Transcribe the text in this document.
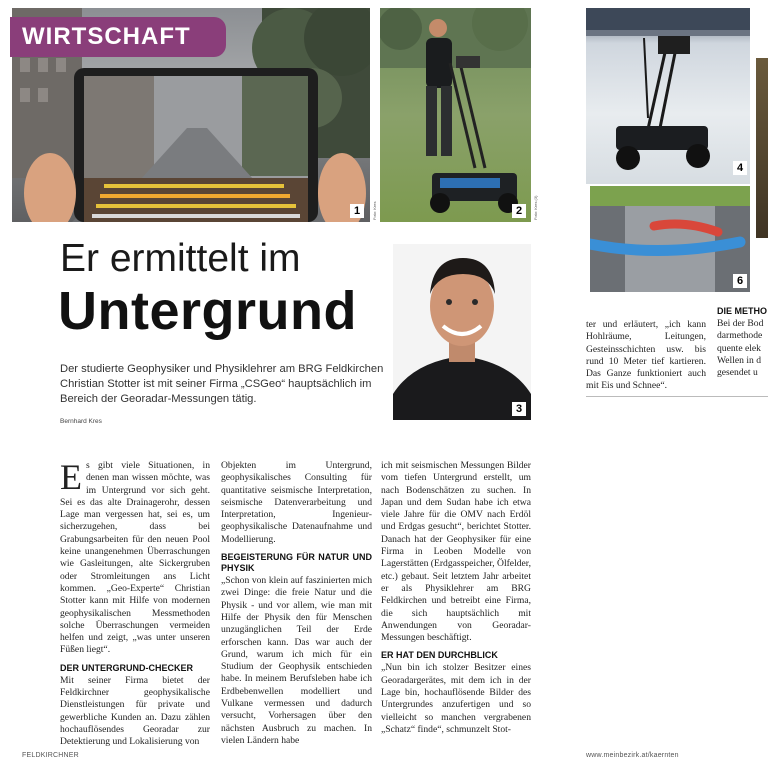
WIRTSCHAFT
1	Foto: Kres	2	Foto: Kres (3)
4
6
3
Er ermittelt im
Untergrund
Der studierte Geophysiker und Physiklehrer am BRG Feldkirchen Christian Stotter ist mit seiner Firma „CSGeo“ hauptsächlich im Bereich der Georadar-Messungen tätig.
Bernhard Kres
E s gibt viele Situationen, in denen man wissen möchte, was im Untergrund vor sich geht. Sei es das alte Drainagerohr, dessen Lage man vergessen hat, sei es, um sicherzugehen, dass bei Grabungsarbeiten für den neuen Pool keine unangenehmen Überraschungen wie Gasleitungen, alte Sickergruben oder Stromleitungen ans Licht kommen. „Geo-Experte“ Christian Stotter kann mit Hilfe von modernen geophysikalischen Messmethoden solche Überraschungen vermeiden helfen und zeigt, „was unter unseren Füßen liegt“.

DER UNTERGRUND-CHECKER

Mit seiner Firma bietet der Feldkirchner geophysikalische Dienstleistungen für private und gewerbliche Kunden an. Dazu zählen hochauflösendes Georadar zur Detektierung und Lokalisierung von

Objekten im Untergrund, geophysikalisches Consulting für quantitative seismische Interpretation, seismische Datenverarbeitung und Interpretation, Ingenieur-geophysikalische Datenaufnahme und Modellierung.

BEGEISTERUNG FÜR NATUR UND PHYSIK

„Schon von klein auf faszinierten mich zwei Dinge: die freie Natur und die Physik - und vor allem, wie man mit Hilfe der Physik den für Menschen unzugänglichen Teil der Erde erforschen kann. Das war auch der Grund, warum ich mich für ein Studium der Geophysik entschieden habe. In meinem Berufsleben habe ich Erdbebenwellen modelliert und Vulkane vermessen und dadurch versucht, Vorhersagen über den nächsten Ausbruch zu machen. In vielen Ländern habe

ich mit seismischen Messungen Bilder vom tiefen Untergrund erstellt, um nach Bodenschätzen zu suchen. In Japan und dem Sudan habe ich etwa viele Jahre für die OMV nach Erdöl und Erdgas gesucht“, berichtet Stotter. Danach hat der Geophysiker für eine Firma in Leoben Modelle von Lagerstätten (Erdgasspeicher, Ölfelder, etc.) gebaut. Seit letztem Jahr arbeitet er als Physiklehrer am BRG Feldkirchen und betreibt eine Firma, die sich hauptsächlich mit Anwendungen von Georadar-Messungen beschäftigt.

ER HAT DEN DURCHBLICK

„Nun bin ich stolzer Besitzer eines Georadargerätes, mit dem ich in der Lage bin, hochauflösende Bilder des Untergrundes anzufertigen und so vielleicht so manchen vergrabenen „Schatz“ finde“, schmunzelt Stot-

ter und erläutert, „ich kann Hohlräume, Leitungen, Gesteinsschichten usw. bis rund 10 Meter tief kartieren. Das Ganze funktioniert auch mit Eis und Schnee“.

DIE METHO

Bei der Bod darmethode quente elek Wellen in d gesendet u

FELDKIRCHNER	www.meinbezirk.at/kaernten
